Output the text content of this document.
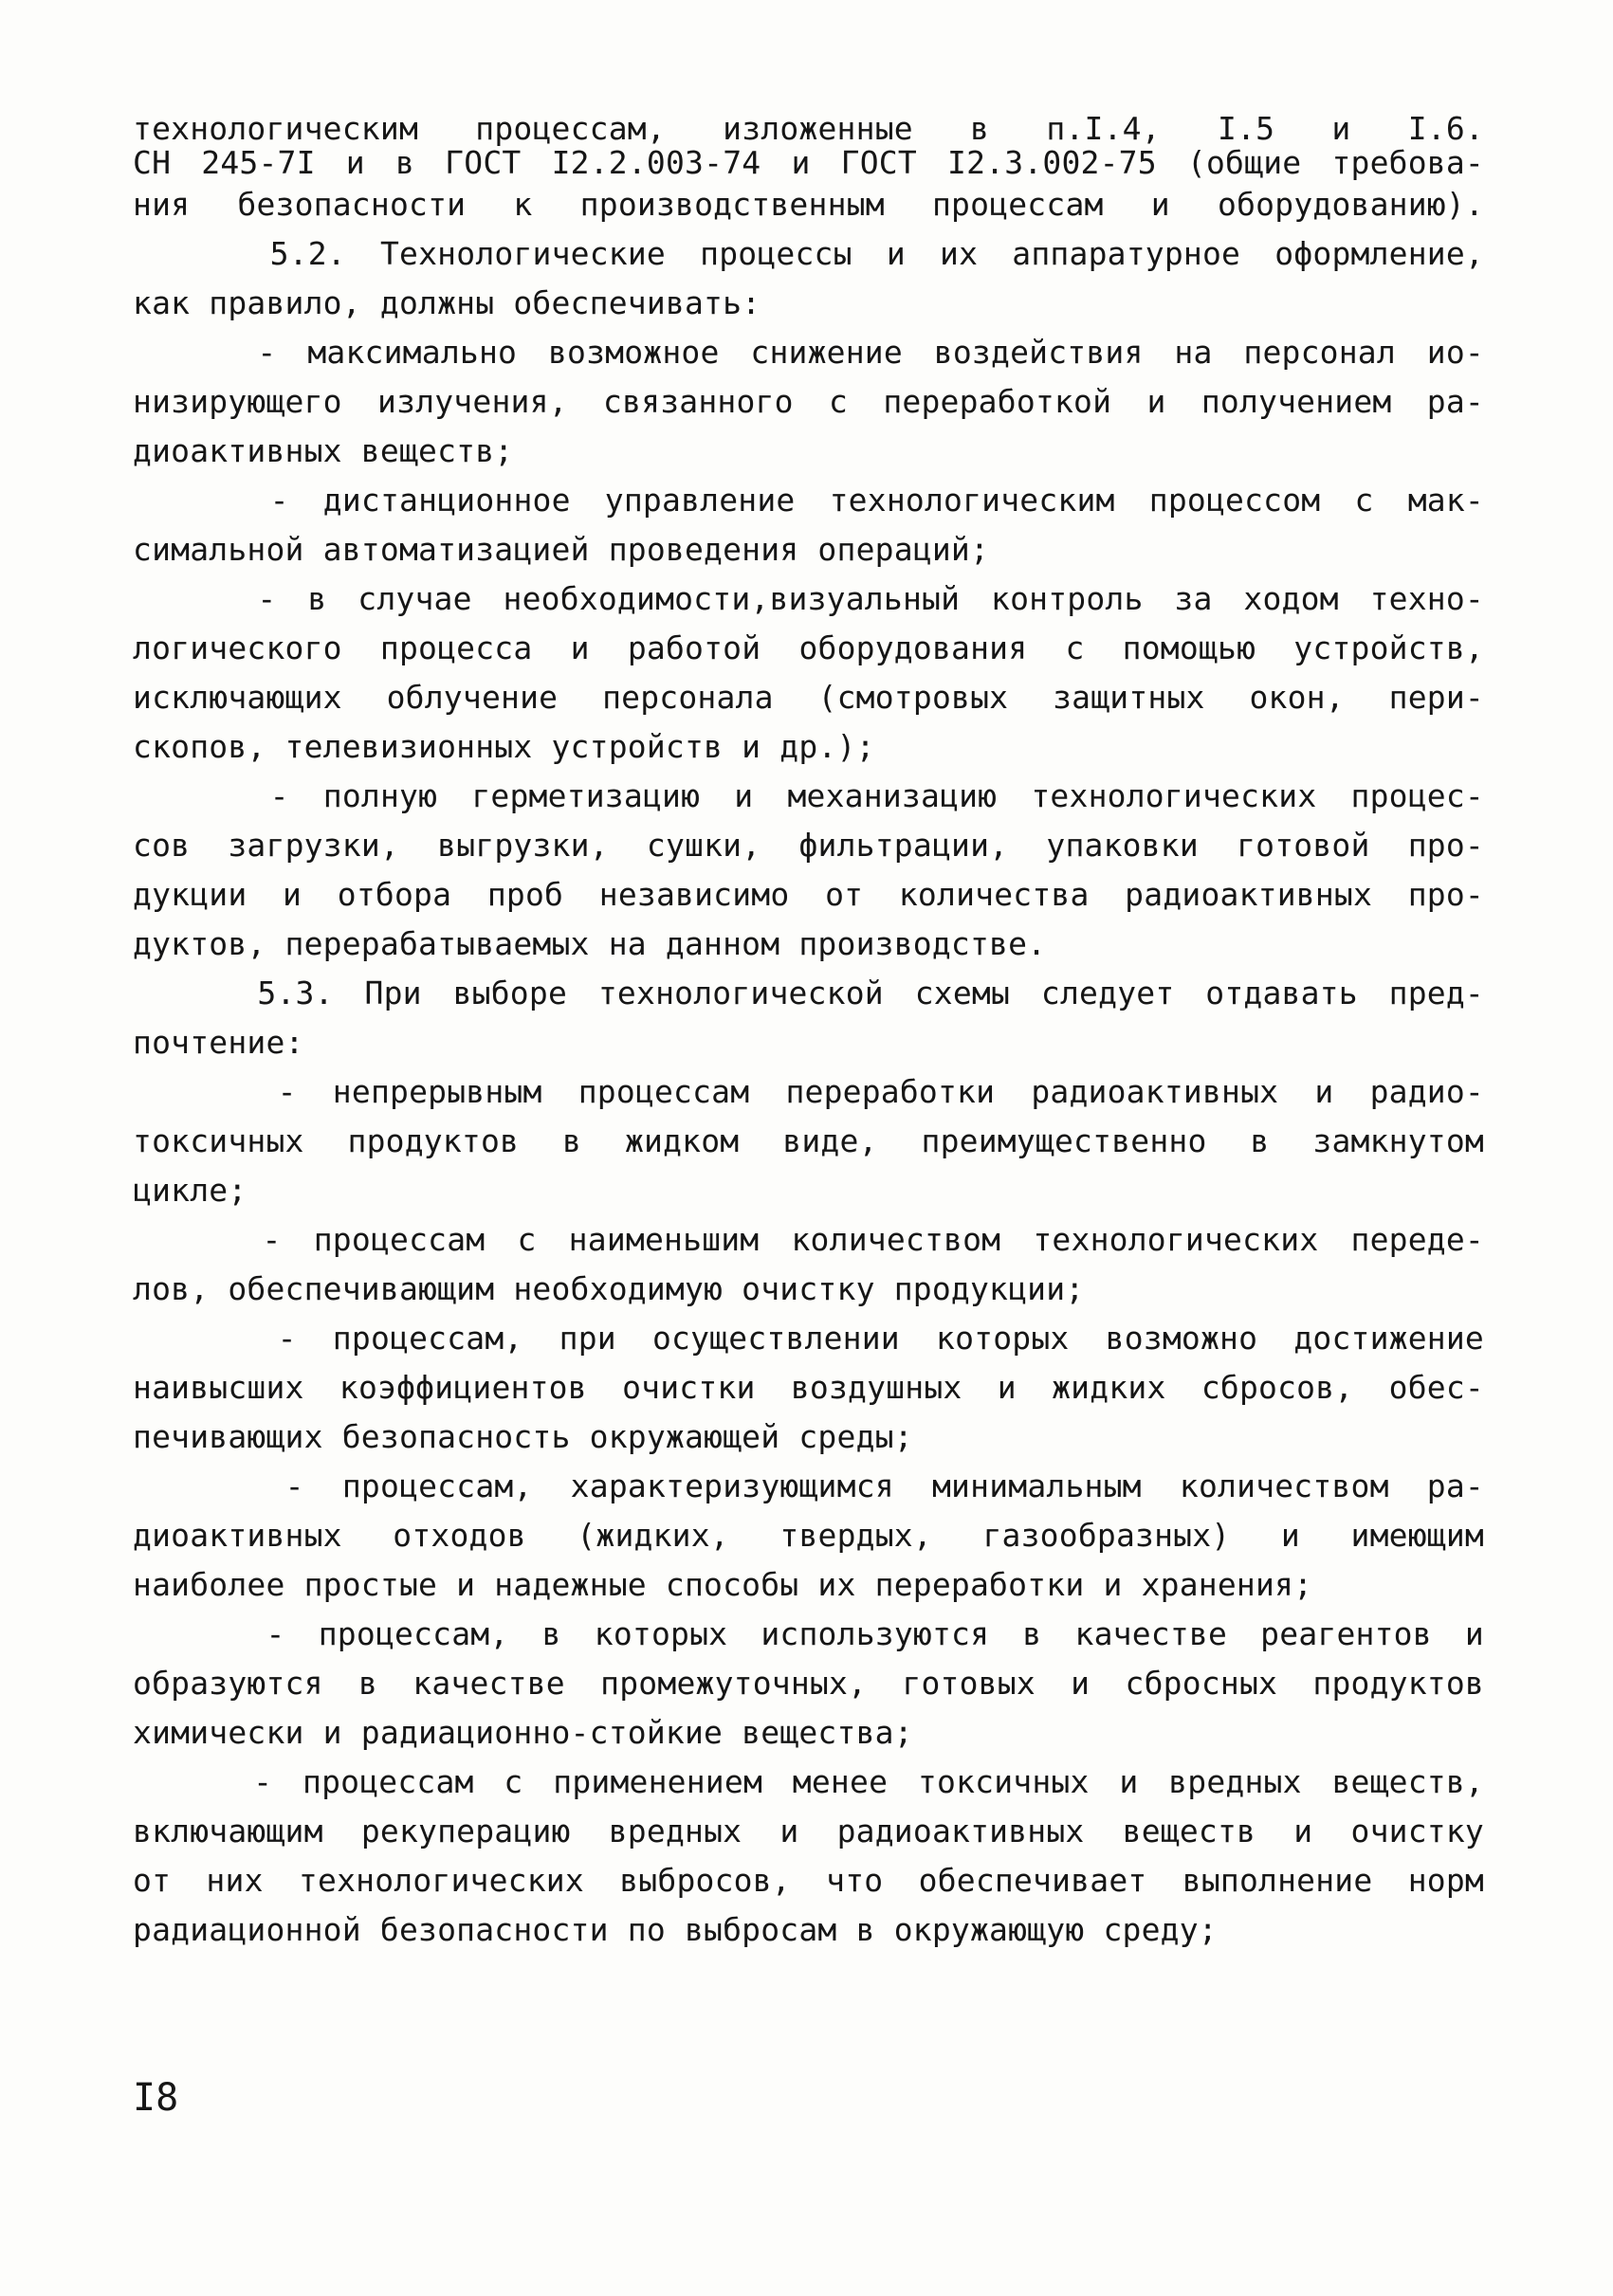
технологическим процессам, изложенные в п.I.4, I.5 и I.6.
СН 245-7I и в ГОСТ I2.2.003-74 и ГОСТ I2.3.002-75 (общие требова-
ния безопасности к производственным процессам и оборудованию).
5.2. Технологические процессы и их аппаратурное оформление,
как правило, должны обеспечивать:
- максимально возможное снижение воздействия на персонал ио-
низирующего излучения, связанного с переработкой и получением ра-
диоактивных веществ;
- дистанционное управление технологическим процессом с мак-
симальной автоматизацией проведения операций;
- в случае необходимости,визуальный контроль за ходом техно-
логического процесса и работой оборудования с помощью устройств,
исключающих облучение персонала (смотровых защитных окон, пери-
скопов, телевизионных устройств и др.);
- полную герметизацию и механизацию технологических процес-
сов загрузки, выгрузки, сушки, фильтрации, упаковки готовой про-
дукции и отбора проб независимо от количества радиоактивных про-
дуктов, перерабатываемых на данном производстве.
5.3. При выборе технологической схемы следует отдавать пред-
почтение:
- непрерывным процессам переработки радиоактивных и радио-
токсичных продуктов в жидком виде, преимущественно в замкнутом
цикле;
- процессам с наименьшим количеством технологических переде-
лов, обеспечивающим необходимую очистку продукции;
- процессам, при осуществлении которых возможно достижение
наивысших коэффициентов очистки воздушных и жидких сбросов, обес-
печивающих безопасность окружающей среды;
- процессам, характеризующимся минимальным количеством ра-
диоактивных отходов (жидких, твердых, газообразных) и имеющим
наиболее простые и надежные способы их переработки и хранения;
- процессам, в которых используются в качестве реагентов и
образуются в качестве промежуточных, готовых и сбросных продуктов
химически и радиационно-стойкие вещества;
- процессам с применением менее токсичных и вредных веществ,
включающим рекуперацию вредных и радиоактивных веществ и очистку
от них технологических выбросов, что обеспечивает выполнение норм
радиационной безопасности по выбросам в окружающую среду;
I8
